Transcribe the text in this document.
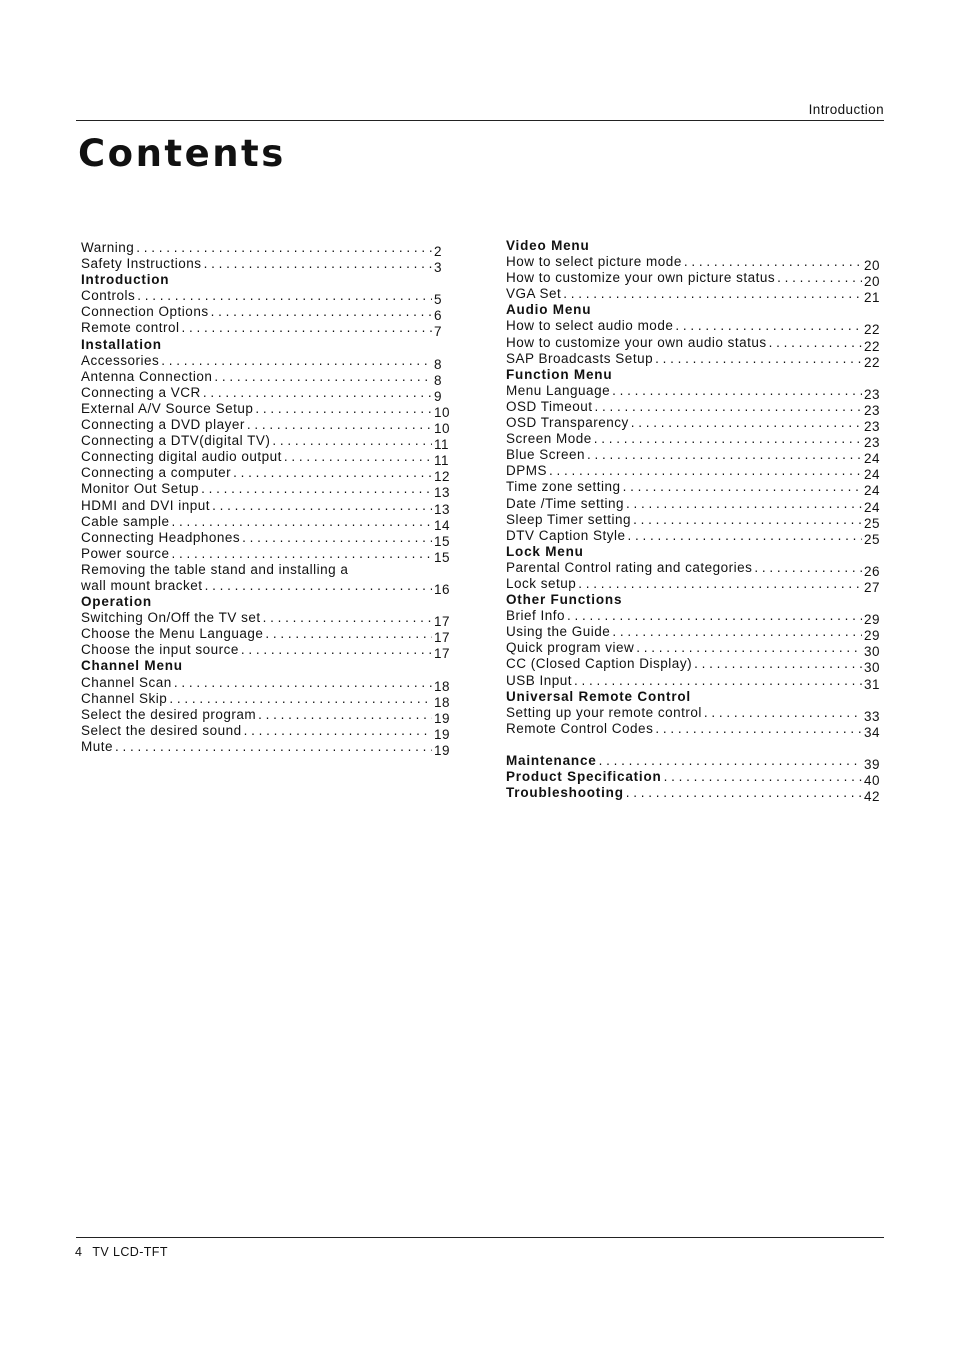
Introduction
Contents
Warning . . .	2
Safety Instructions . . .	3
Introduction
Controls . . .	5
Connection Options . . .	6
Remote control . . .	7
Installation
Accessories . . .	8
Antenna Connection . . .	8
Connecting a VCR . . .	9
External A/V Source Setup . . .	10
Connecting a DVD player . . .	10
Connecting a DTV(digital TV) . . .	11
Connecting digital audio output . . .	11
Connecting a computer . . .	12
Monitor Out Setup . . .	13
HDMI and DVI input . . .	13
Cable sample . . .	14
Connecting Headphones . . .	15
Power source . . .	15
Removing the table stand and installing a
wall mount bracket . . .	16
Operation
Switching On/Off the TV set . . .	17
Choose the Menu Language . . .	17
Choose the input source . . .	17
Channel Menu
Channel Scan . . .	18
Channel Skip . . .	18
Select the desired program . . .	19
Select the desired sound . . .	19
Mute . . .	19
Video Menu
How to select picture mode . . .	20
How to customize your own picture status . . .	20
VGA Set . . .	21
Audio Menu
How to select audio mode . . .	22
How to customize your own audio status . . .	22
SAP Broadcasts Setup . . .	22
Function Menu
Menu Language . . .	23
OSD Timeout . . .	23
OSD Transparency . . .	23
Screen Mode . . .	23
Blue Screen . . .	24
DPMS . . .	24
Time zone setting . . .	24
Date /Time setting . . .	24
Sleep Timer setting . . .	25
DTV Caption Style . . .	25
Lock Menu
Parental Control rating and categories . . .	26
Lock setup . . .	27
Other Functions
Brief Info . . .	29
Using the Guide . . .	29
Quick program view . . .	30
CC (Closed Caption Display) . . .	30
USB Input . . .	31
Universal Remote Control
Setting up your remote control . . .	33
Remote Control Codes . . .	34
Maintenance . . .	39
Product Specification . . .	40
Troubleshooting . . .	42
4 TV LCD-TFT
